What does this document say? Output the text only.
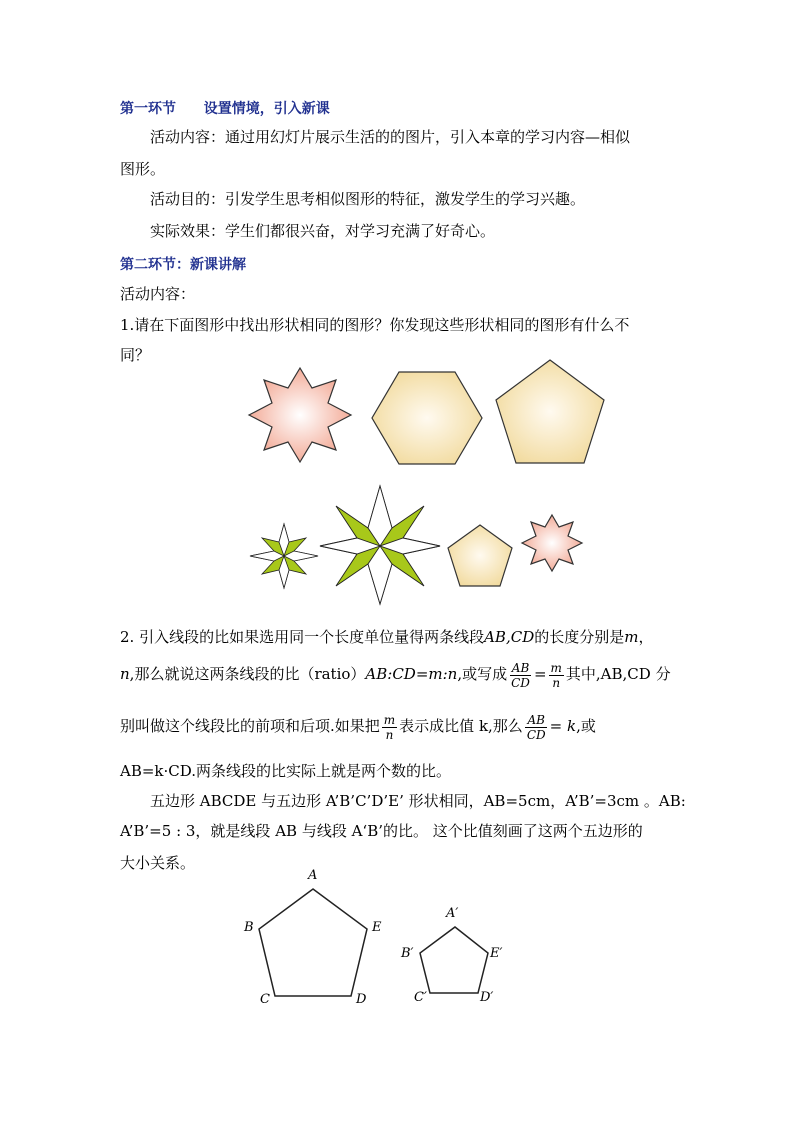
第一环节 设置情境，引入新课
活动内容：通过用幻灯片展示生活的的图片，引入本章的学习内容—相似
图形。
活动目的：引发学生思考相似图形的特征，激发学生的学习兴趣。
实际效果：学生们都很兴奋，对学习充满了好奇心。
第二环节：新课讲解
活动内容：
1.请在下面图形中找出形状相同的图形？你发现这些形状相同的图形有什么不
同？
2. 引入线段的比如果选用同一个长度单位量得两条线段AB,CD的长度分别是m，
n,那么就说这两条线段的比（ratio）AB:CD=m:n,或写成 $\frac{AB}{CD} = \frac{m}{n}$ 其中,AB,CD 分
别叫做这个线段比的前项和后项.如果把 $\frac{m}{n}$ 表示成比值 k,那么 $\frac{AB}{CD} = k$,或
AB=k·CD.两条线段的比实际上就是两个数的比。
五边形 ABCDE 与五边形 A’B’C’D’E’ 形状相同，AB=5cm，A’B’=3cm 。AB:
A’B’=5 : 3，就是线段 AB 与线段 A‘B’的比。 这个比值刻画了这两个五边形的
大小关系。
A
B
C	D
E
A′
B′
C′	D′
E′
